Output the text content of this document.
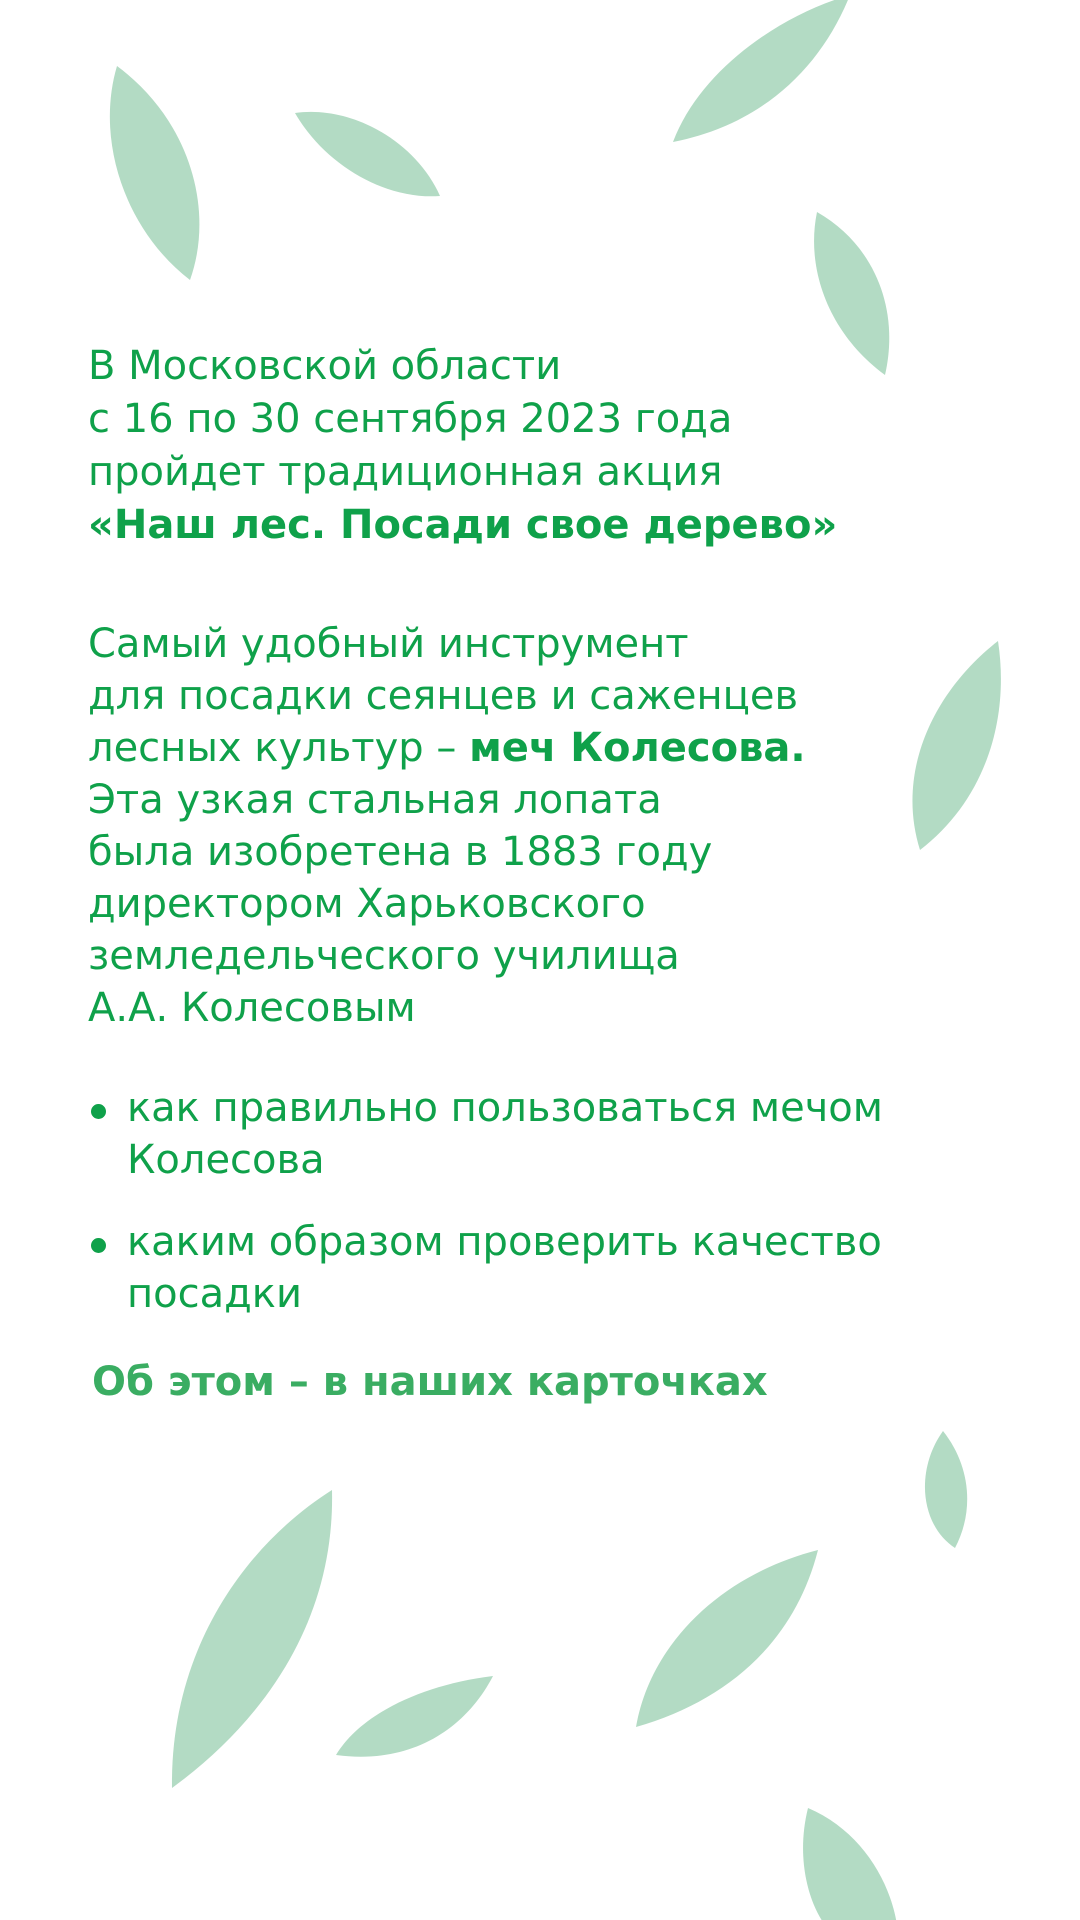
В Московской области
с 16 по 30 сентября 2023 года
пройдет традиционная акция
«Наш лес. Посади свое дерево»
Самый удобный инструмент
для посадки сеянцев и саженцев
лесных культур – меч Колесова.
Эта узкая стальная лопата
была изобретена в 1883 году
директором Харьковского
земледельческого училища
А.А. Колесовым
как правильно пользоваться мечом
Колесова
каким образом проверить качество
посадки
Об этом – в наших карточках
